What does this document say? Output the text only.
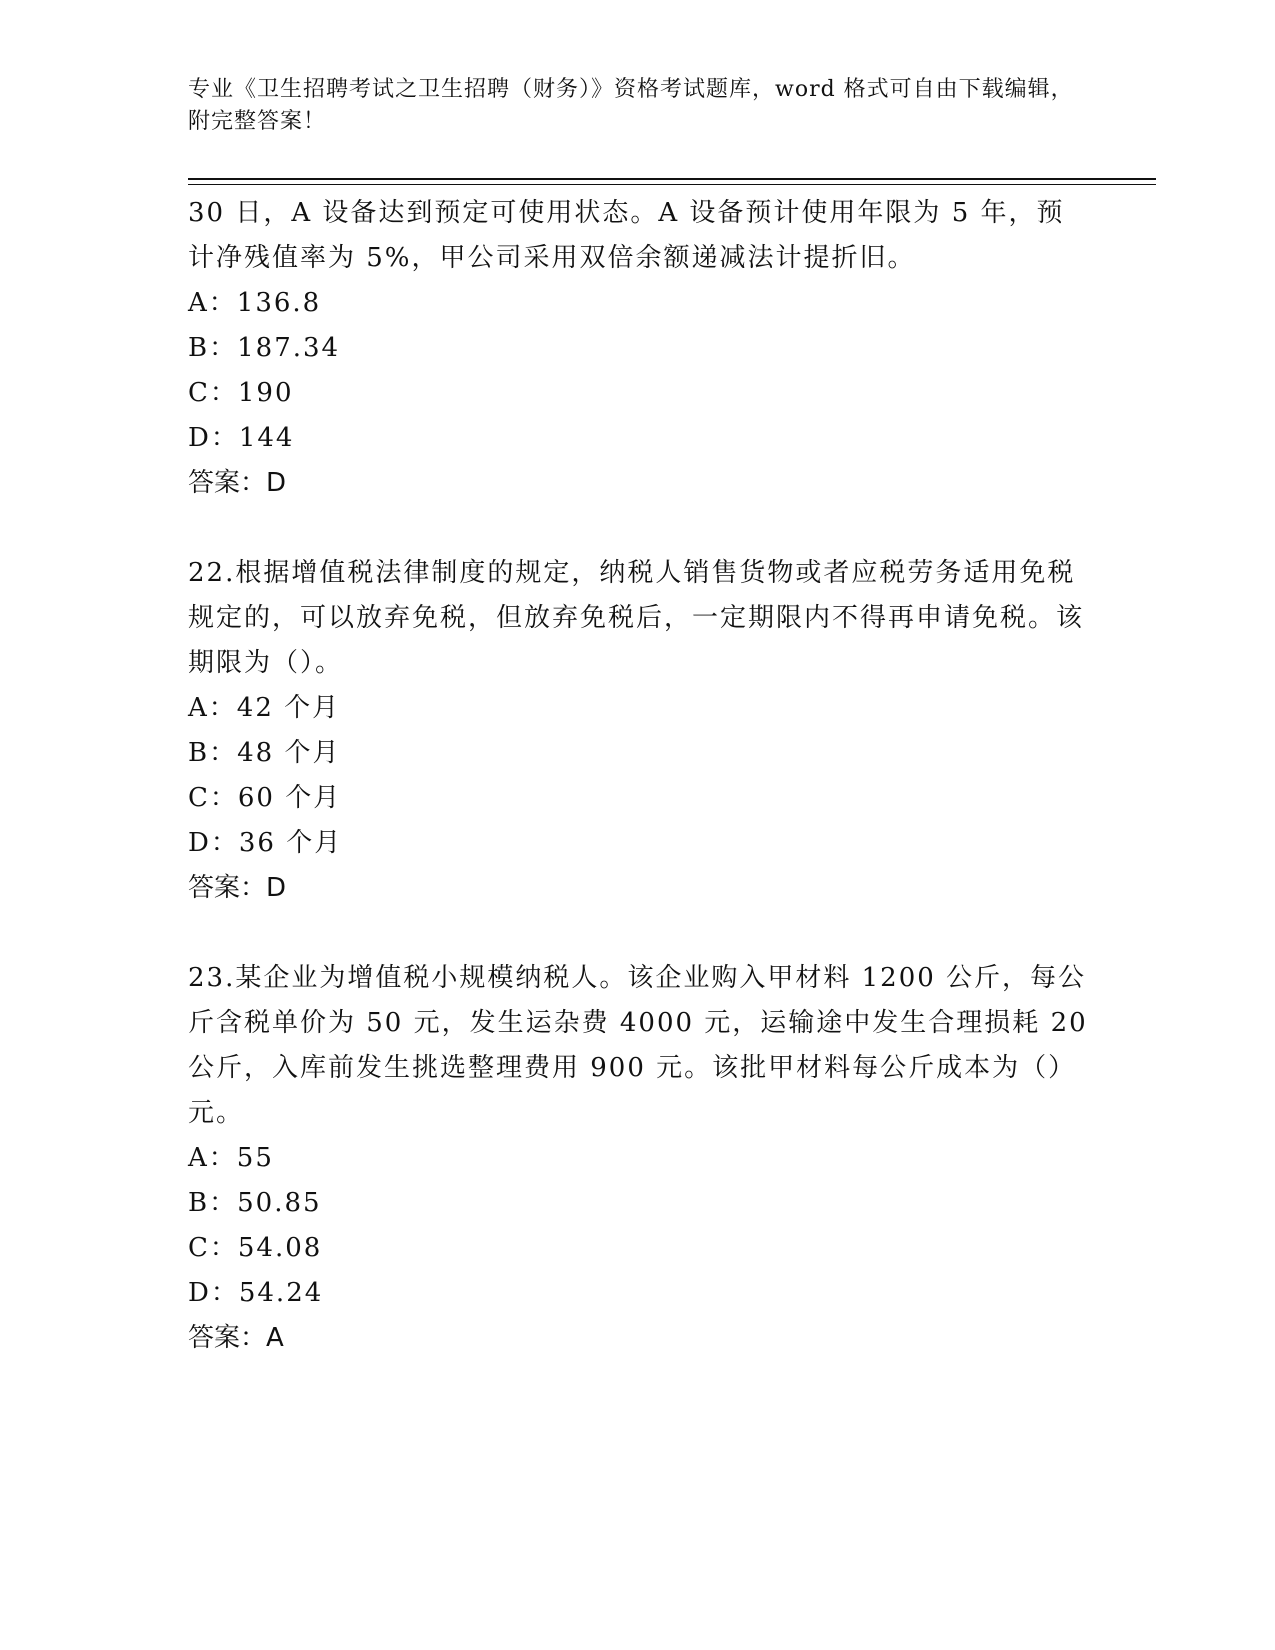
专业《卫生招聘考试之卫生招聘（财务）》资格考试题库，word 格式可自由下载编辑，附完整答案！

30 日，A 设备达到预定可使用状态。A 设备预计使用年限为 5 年，预计净残值率为 5%，甲公司采用双倍余额递减法计提折旧。

A：136.8

B：187.34

C：190

D：144

答案：D

22.根据增值税法律制度的规定，纳税人销售货物或者应税劳务适用免税规定的，可以放弃免税，但放弃免税后，一定期限内不得再申请免税。该期限为（）。

A：42 个月

B：48 个月

C：60 个月

D：36 个月

答案：D

23.某企业为增值税小规模纳税人。该企业购入甲材料 1200 公斤，每公斤含税单价为 50 元，发生运杂费 4000 元，运输途中发生合理损耗 20 公斤，入库前发生挑选整理费用 900 元。该批甲材料每公斤成本为（）元。

A：55

B：50.85

C：54.08

D：54.24

答案：A
